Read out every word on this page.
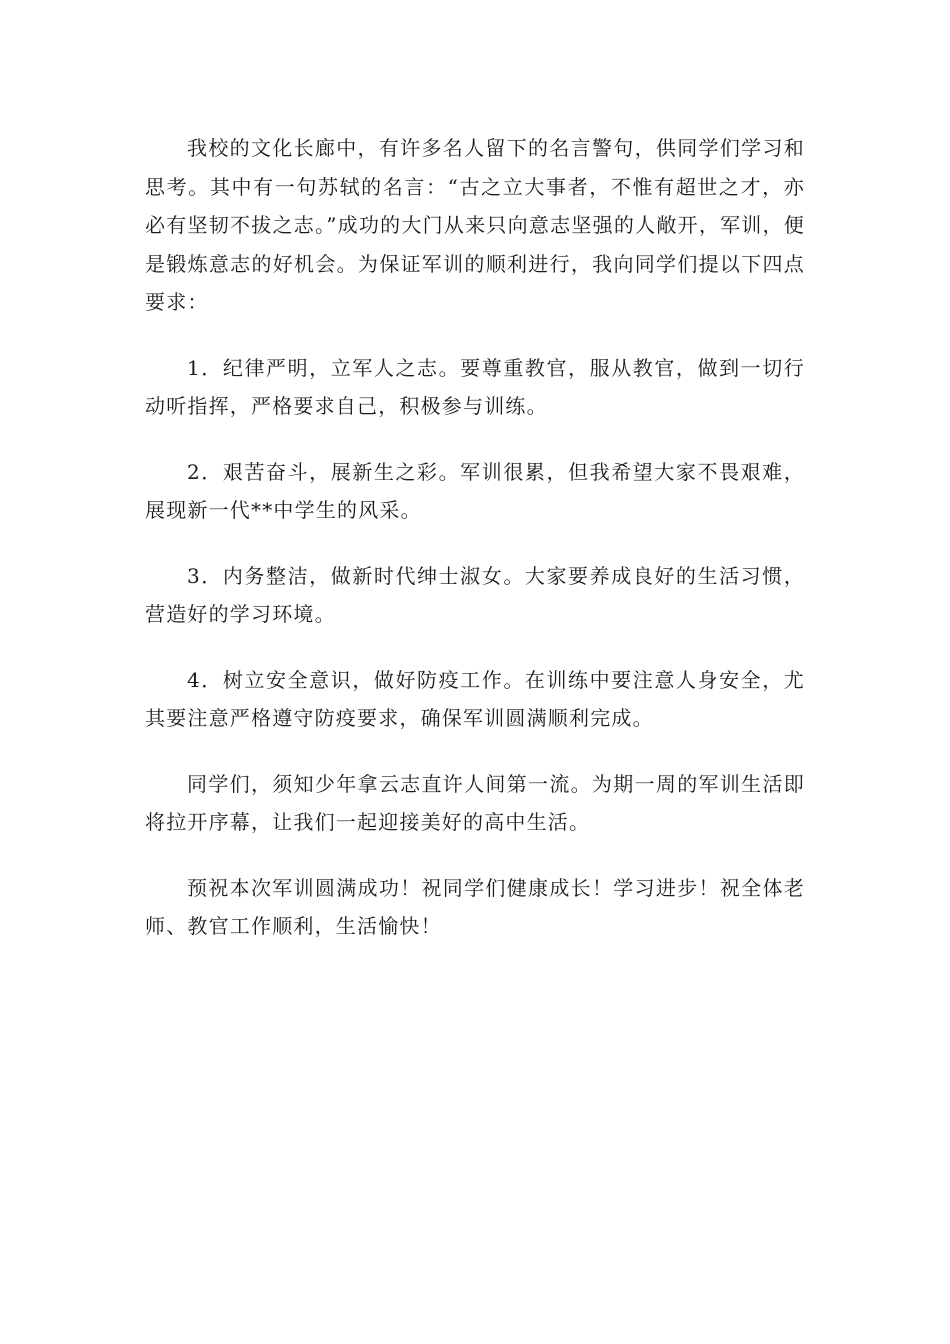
我校的文化长廊中，有许多名人留下的名言警句，供同学们学习和思考。其中有一句苏轼的名言：“古之立大事者，不惟有超世之才，亦必有坚韧不拔之志。”成功的大门从来只向意志坚强的人敞开，军训，便是锻炼意志的好机会。为保证军训的顺利进行，我向同学们提以下四点要求：

1．纪律严明，立军人之志。要尊重教官，服从教官，做到一切行动听指挥，严格要求自己，积极参与训练。

2．艰苦奋斗，展新生之彩。军训很累，但我希望大家不畏艰难，展现新一代**中学生的风采。

3．内务整洁，做新时代绅士淑女。大家要养成良好的生活习惯，营造好的学习环境。

4．树立安全意识，做好防疫工作。在训练中要注意人身安全，尤其要注意严格遵守防疫要求，确保军训圆满顺利完成。

同学们，须知少年拿云志直许人间第一流。为期一周的军训生活即将拉开序幕，让我们一起迎接美好的高中生活。

预祝本次军训圆满成功！祝同学们健康成长！学习进步！祝全体老师、教官工作顺利，生活愉快！
